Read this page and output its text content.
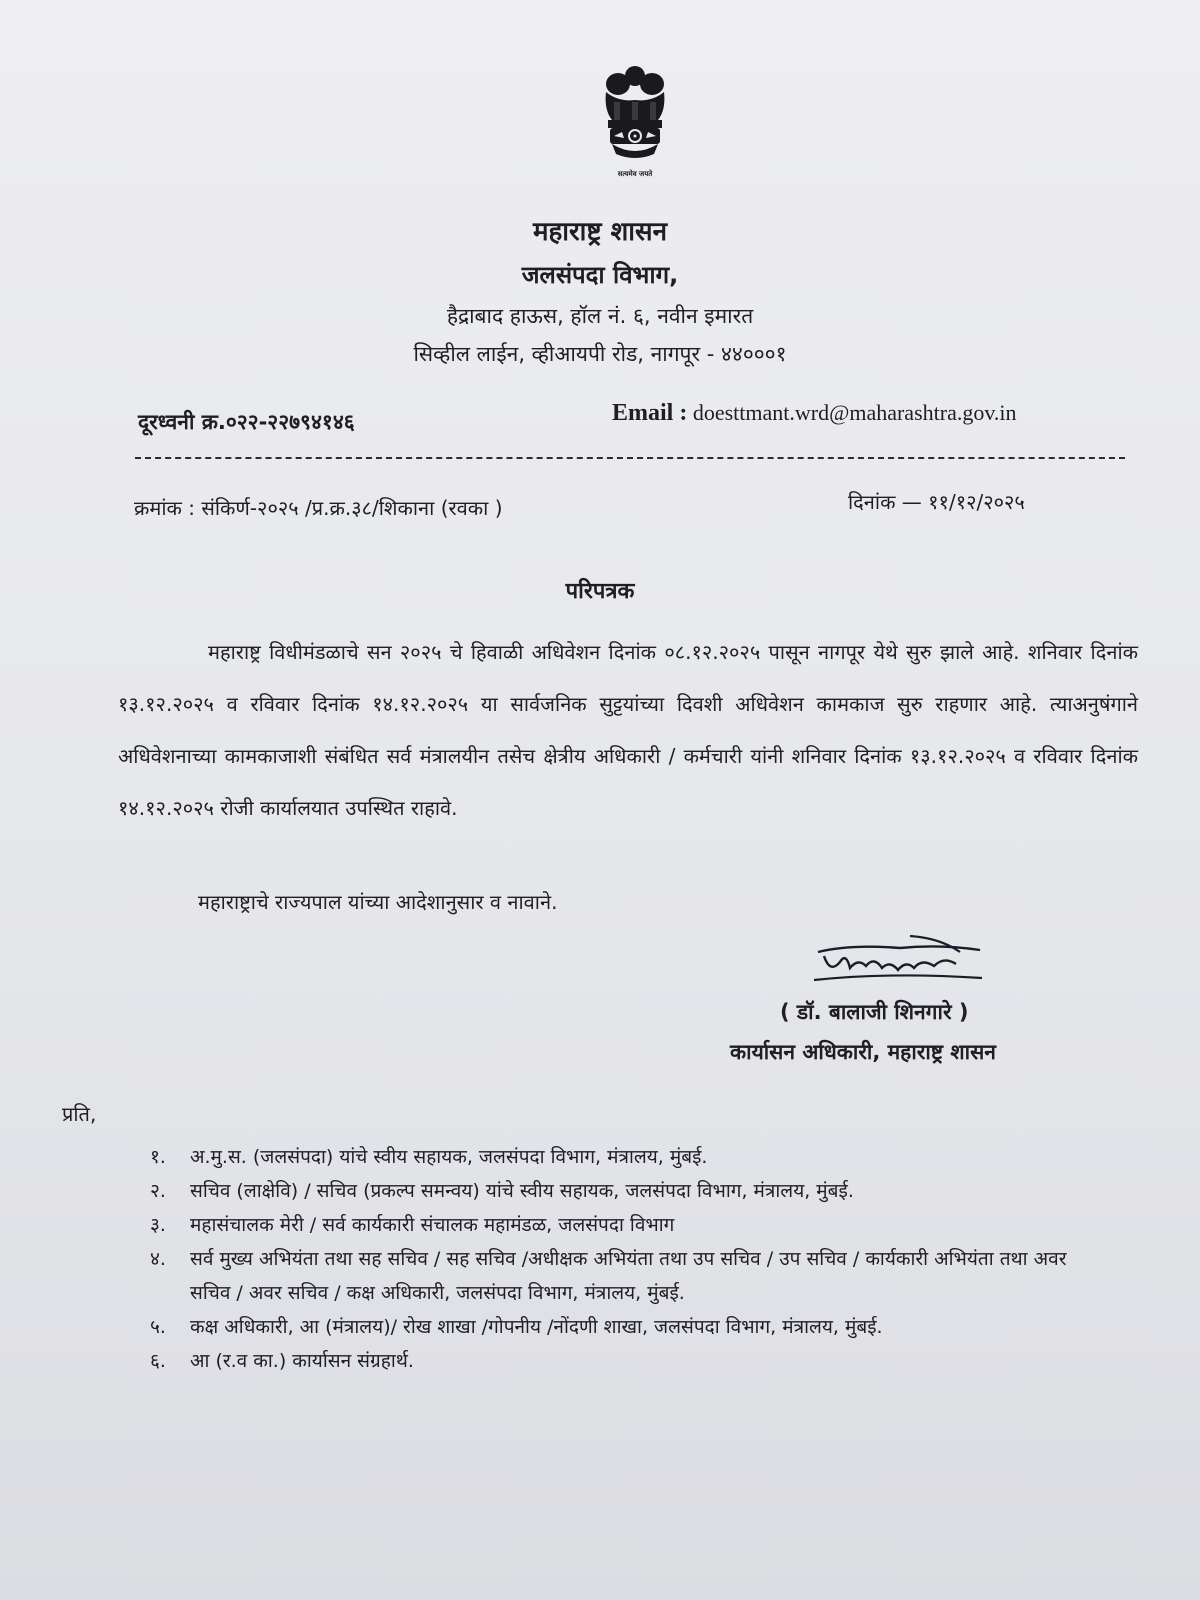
सत्यमेव जयते
महाराष्ट्र शासन
जलसंपदा विभाग,
हैद्राबाद हाऊस, हॉल नं. ६, नवीन इमारत
सिव्हील लाईन, व्हीआयपी रोड, नागपूर - ४४०००१
दूरध्वनी क्र.०२२-२२७९४१४६	Email : doesttmant.wrd@maharashtra.gov.in
क्रमांक : संकिर्ण-२०२५ /प्र.क्र.३८/शिकाना (रवका )	दिनांक — ११/१२/२०२५
परिपत्रक
महाराष्ट्र विधीमंडळाचे सन २०२५ चे हिवाळी अधिवेशन दिनांक ०८.१२.२०२५ पासून नागपूर येथे सुरु झाले आहे. शनिवार दिनांक १३.१२.२०२५ व रविवार दिनांक १४.१२.२०२५ या सार्वजनिक सुट्टयांच्या दिवशी अधिवेशन कामकाज सुरु राहणार आहे. त्याअनुषंगाने अधिवेशनाच्या कामकाजाशी संबंधित सर्व मंत्रालयीन तसेच क्षेत्रीय अधिकारी / कर्मचारी यांनी शनिवार दिनांक १३.१२.२०२५ व रविवार दिनांक १४.१२.२०२५ रोजी कार्यालयात उपस्थित राहावे.
महाराष्ट्राचे राज्यपाल यांच्या आदेशानुसार व नावाने.
( डॉ. बालाजी शिनगारे )
कार्यासन अधिकारी, महाराष्ट्र शासन
प्रति,
१.	अ.मु.स. (जलसंपदा) यांचे स्वीय सहायक, जलसंपदा विभाग, मंत्रालय, मुंबई.
२.	सचिव (लाक्षेवि) / सचिव (प्रकल्प समन्वय) यांचे स्वीय सहायक, जलसंपदा विभाग, मंत्रालय, मुंबई.
३.	महासंचालक मेरी / सर्व कार्यकारी संचालक महामंडळ, जलसंपदा विभाग
४.	सर्व मुख्य अभियंता तथा सह सचिव / सह सचिव /अधीक्षक अभियंता तथा उप सचिव / उप सचिव / कार्यकारी अभियंता तथा अवर सचिव / अवर सचिव / कक्ष अधिकारी, जलसंपदा विभाग, मंत्रालय, मुंबई.
५.	कक्ष अधिकारी, आ (मंत्रालय)/ रोख शाखा /गोपनीय /नोंदणी शाखा, जलसंपदा विभाग, मंत्रालय, मुंबई.
६.	आ (र.व का.) कार्यासन संग्रहार्थ.
